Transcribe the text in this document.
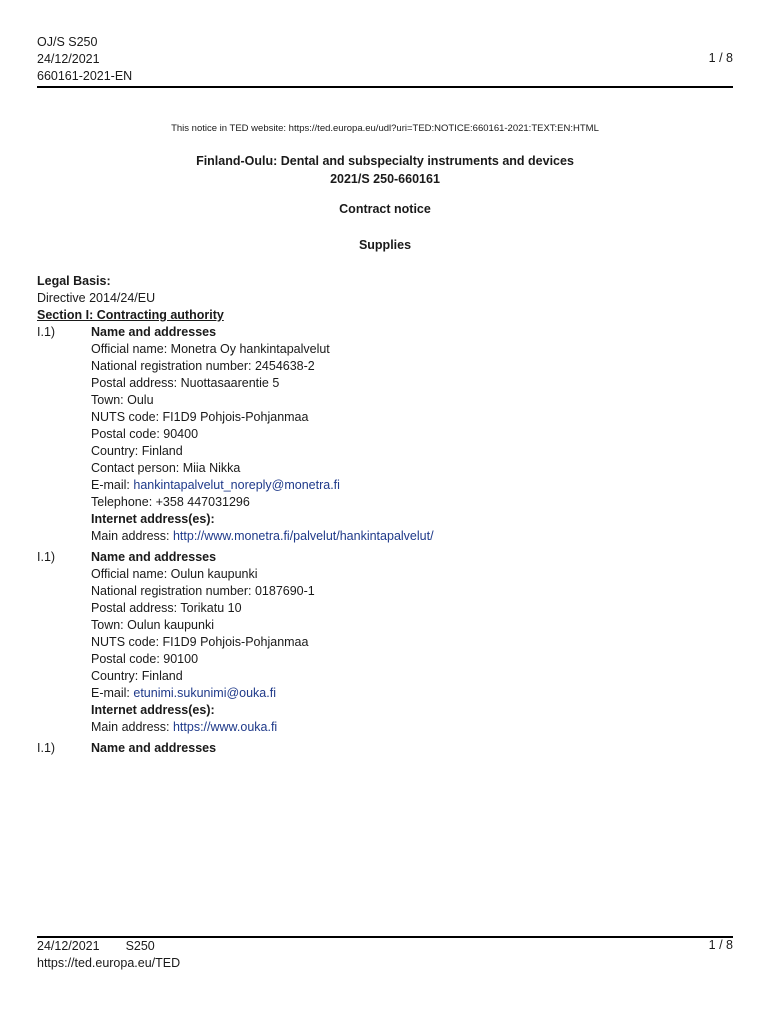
OJ/S S250
24/12/2021
660161-2021-EN
1 / 8
This notice in TED website: https://ted.europa.eu/udl?uri=TED:NOTICE:660161-2021:TEXT:EN:HTML
Finland-Oulu: Dental and subspecialty instruments and devices
2021/S 250-660161
Contract notice
Supplies
Legal Basis:
Directive 2014/24/EU
Section I: Contracting authority
I.1)	Name and addresses
Official name: Monetra Oy hankintapalvelut
National registration number: 2454638-2
Postal address: Nuottasaarentie 5
Town: Oulu
NUTS code: FI1D9 Pohjois-Pohjanmaa
Postal code: 90400
Country: Finland
Contact person: Miia Nikka
E-mail: hankintapalvelut_noreply@monetra.fi
Telephone: +358 447031296
Internet address(es):
Main address: http://www.monetra.fi/palvelut/hankintapalvelut/
I.1)	Name and addresses
Official name: Oulun kaupunki
National registration number: 0187690-1
Postal address: Torikatu 10
Town: Oulun kaupunki
NUTS code: FI1D9 Pohjois-Pohjanmaa
Postal code: 90100
Country: Finland
E-mail: etunimi.sukunimi@ouka.fi
Internet address(es):
Main address: https://www.ouka.fi
I.1)	Name and addresses
24/12/2021 S250
https://ted.europa.eu/TED
1 / 8
